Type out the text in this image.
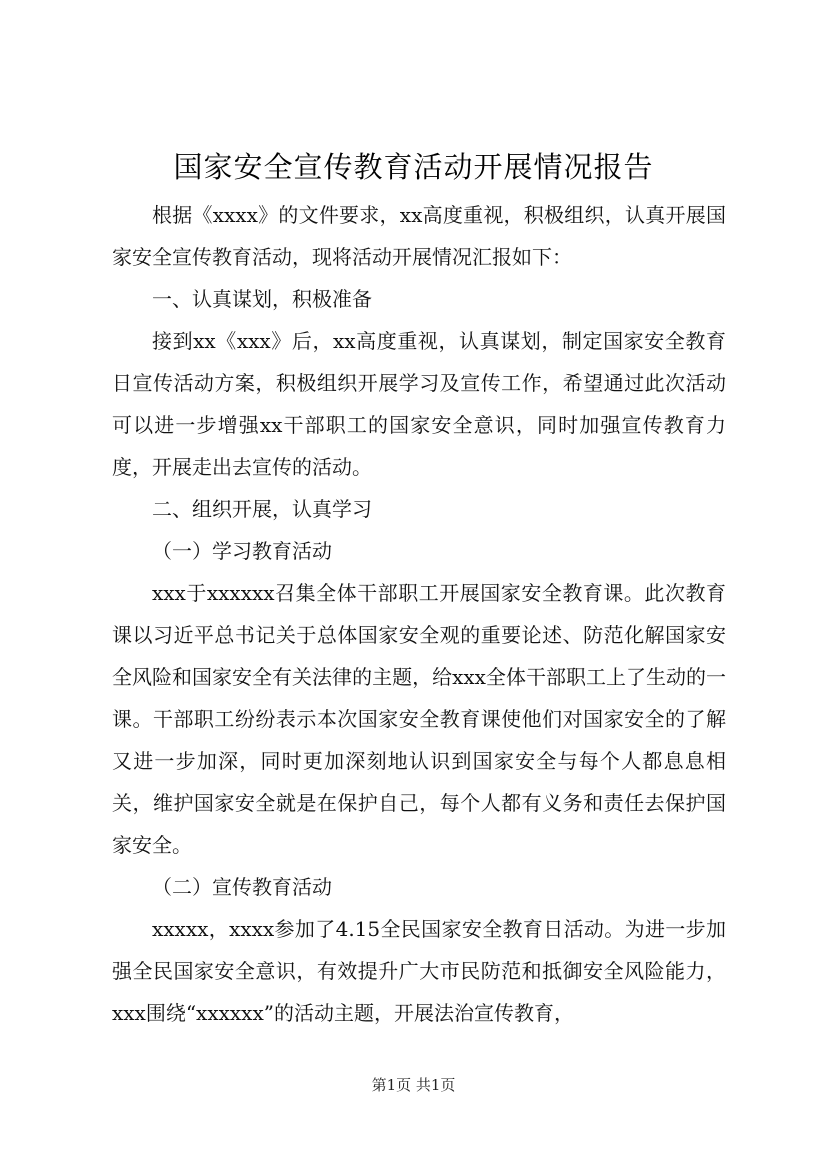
国家安全宣传教育活动开展情况报告

根据《xxxx》的文件要求，xx高度重视，积极组织，认真开展国家安全宣传教育活动，现将活动开展情况汇报如下：

一、认真谋划，积极准备

接到xx《xxx》后，xx高度重视，认真谋划，制定国家安全教育日宣传活动方案，积极组织开展学习及宣传工作，希望通过此次活动可以进一步增强xx干部职工的国家安全意识，同时加强宣传教育力度，开展走出去宣传的活动。

二、组织开展，认真学习

（一）学习教育活动

xxx于xxxxxx召集全体干部职工开展国家安全教育课。此次教育课以习近平总书记关于总体国家安全观的重要论述、防范化解国家安全风险和国家安全有关法律的主题，给xxx全体干部职工上了生动的一课。干部职工纷纷表示本次国家安全教育课使他们对国家安全的了解又进一步加深，同时更加深刻地认识到国家安全与每个人都息息相关，维护国家安全就是在保护自己，每个人都有义务和责任去保护国家安全。

（二）宣传教育活动

xxxxx，xxxx参加了4.15全民国家安全教育日活动。为进一步加强全民国家安全意识，有效提升广大市民防范和抵御安全风险能力，xxx围绕“xxxxxx”的活动主题，开展法治宣传教育，

第1页 共1页
